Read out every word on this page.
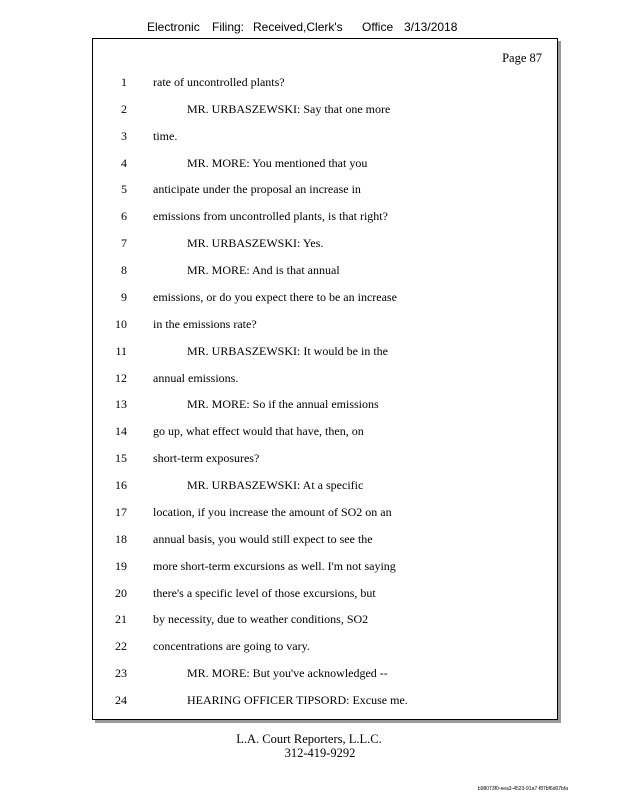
Electronic Filing: Received,Clerk's Office 3/13/2018
Page 87
1 rate of uncontrolled plants?
2	MR. URBASZEWSKI: Say that one more
3 time.
4	MR. MORE: You mentioned that you
5 anticipate under the proposal an increase in
6 emissions from uncontrolled plants, is that right?
7	MR. URBASZEWSKI: Yes.
8	MR. MORE: And is that annual
9 emissions, or do you expect there to be an increase
10 in the emissions rate?
11	MR. URBASZEWSKI: It would be in the
12 annual emissions.
13	MR. MORE: So if the annual emissions
14 go up, what effect would that have, then, on
15 short-term exposures?
16	MR. URBASZEWSKI: At a specific
17 location, if you increase the amount of SO2 on an
18 annual basis, you would still expect to see the
19 more short-term excursions as well. I'm not saying
20 there's a specific level of those excursions, but
21 by necessity, due to weather conditions, SO2
22 concentrations are going to vary.
23	MR. MORE: But you've acknowledged --
24	HEARING OFFICER TIPSORD: Excuse me.
L.A. Court Reporters, L.L.C.
312-419-9292
b98073f0-eea3-4523-91a7-f87bf6d07bfa
